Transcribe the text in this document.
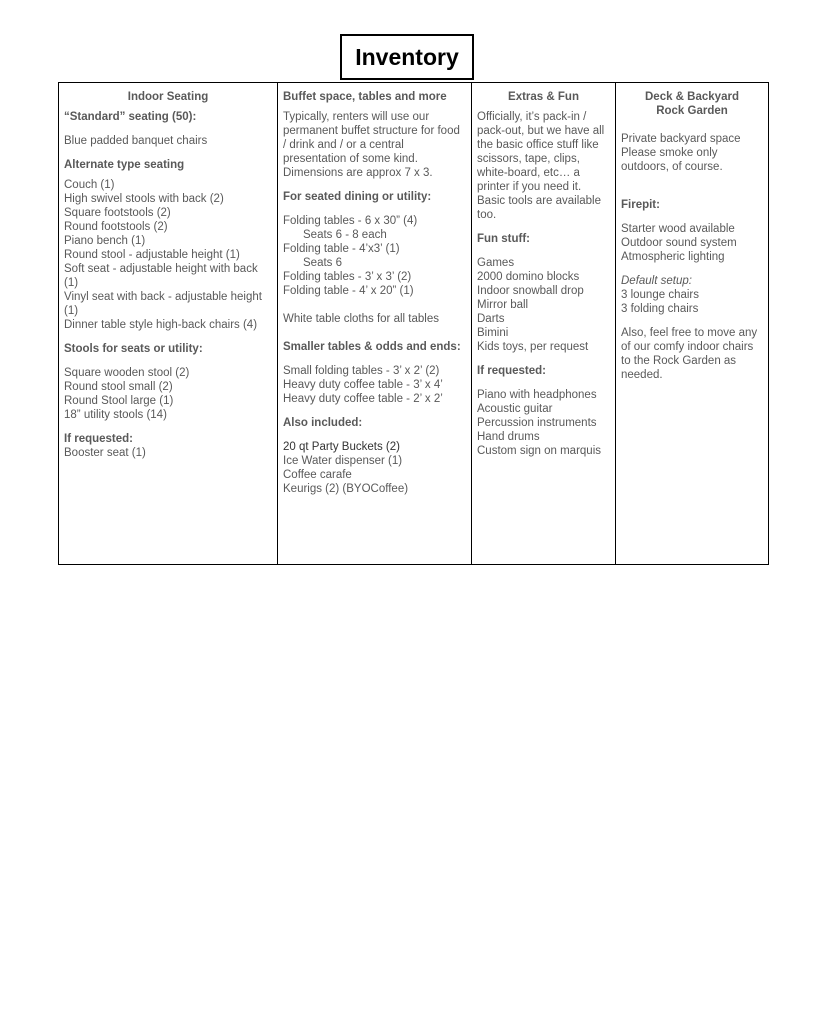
Inventory

Indoor Seating

“Standard” seating (50):

Blue padded banquet chairs

Alternate type seating

Couch (1)

High swivel stools with back (2)

Square footstools (2)

Round footstools (2)

Piano bench (1)

Round stool - adjustable height (1)

Soft seat - adjustable height with back (1)

Vinyl seat with back - adjustable height (1)

Dinner table style high-back chairs (4)

Stools for seats or utility:

Square wooden stool (2)

Round stool small (2)

Round Stool large (1)

18” utility stools (14)

If requested:

Booster seat (1)

Buffet space, tables and more

Typically, renters will use our permanent buffet structure for food / drink and / or a central presentation of some kind. Dimensions are approx 7 x 3.

For seated dining or utility:

Folding tables - 6 x 30” (4)

Seats 6 - 8 each

Folding table - 4’x3’ (1)

Seats 6

Folding tables - 3’ x 3’ (2)

Folding table - 4’ x 20” (1)

White table cloths for all tables

Smaller tables & odds and ends:

Small folding tables - 3’ x 2’ (2)

Heavy duty coffee table - 3’ x 4’

Heavy duty coffee table - 2’ x 2’

Also included:

20 qt Party Buckets (2)

Ice Water dispenser (1)

Coffee carafe

Keurigs (2) (BYOCoffee)

Extras & Fun

Officially, it’s pack-in / pack-out, but we have all the basic office stuff like scissors, tape, clips, white-board, etc… a printer if you need it. Basic tools are available too.

Fun stuff:

Games

2000 domino blocks

Indoor snowball drop

Mirror ball

Darts

Bimini

Kids toys, per request

If requested:

Piano with headphones

Acoustic guitar

Percussion instruments

Hand drums

Custom sign on marquis

Deck & Backyard

Rock Garden

Private backyard space Please smoke only outdoors, of course.

Firepit:

Starter wood available

Outdoor sound system

Atmospheric lighting

Default setup:

3 lounge chairs

3 folding chairs

Also, feel free to move any of our comfy indoor chairs to the Rock Garden as needed.
